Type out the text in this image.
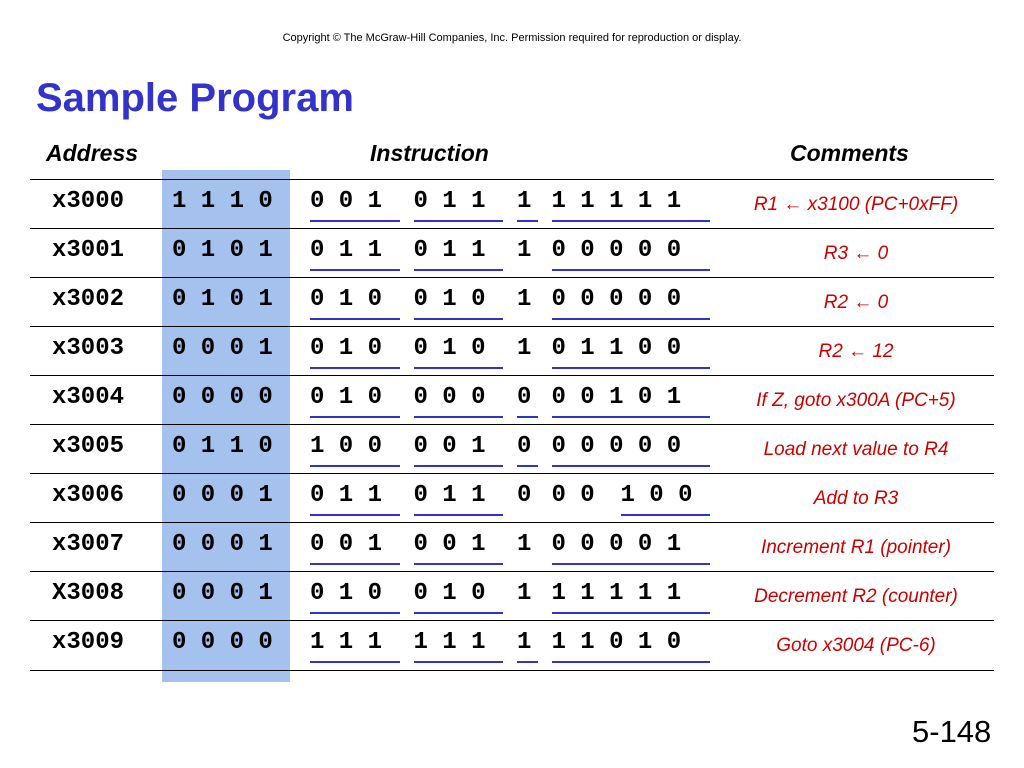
Copyright © The McGraw-Hill Companies, Inc. Permission required for reproduction or display.
Sample Program
Address	Instruction	Comments
x3000 1 1 1 0	0 0 1	0 1 1	1 1 1 1 1 1	R1 ← x3100 (PC+0xFF)
x3001 0 1 0 1	0 1 1	0 1 1	1 0 0 0 0 0	R3 ← 0
x3002 0 1 0 1	0 1 0	0 1 0	1 0 0 0 0 0	R2 ← 0
x3003 0 0 0 1	0 1 0	0 1 0	1 0 1 1 0 0	R2 ← 12
x3004 0 0 0 0	0 1 0	0 0 0	0 0 0 1 0 1	If Z, goto x300A (PC+5)
x3005 0 1 1 0	1 0 0	0 0 1	0 0 0 0 0 0	Load next value to R4
x3006 0 0 0 1	0 1 1	0 1 1	0 0 0 1 0 0	Add to R3
x3007 0 0 0 1	0 0 1	0 0 1	1 0 0 0 0 1	Increment R1 (pointer)
X3008 0 0 0 1	0 1 0	0 1 0	1 1 1 1 1 1	Decrement R2 (counter)
x3009 0 0 0 0	1 1 1	1 1 1	1 1 1 0 1 0	Goto x3004 (PC-6)
5-148
